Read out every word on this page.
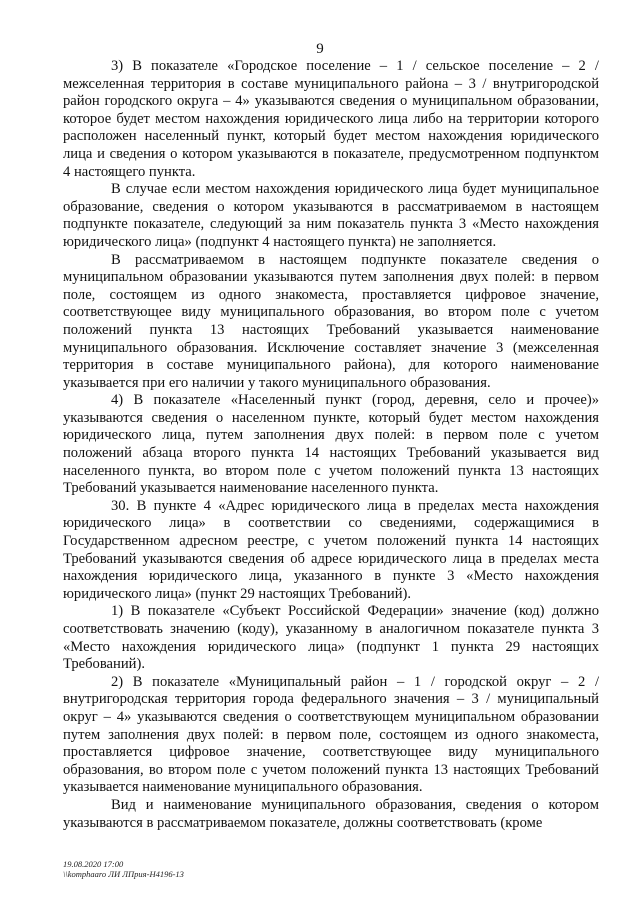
9

3) В показателе «Городское поселение – 1 / сельское поселение – 2 / межселенная территория в составе муниципального района – 3 / внутригородской район городского округа – 4» указываются сведения о муниципальном образовании, которое будет местом нахождения юридического лица либо на территории которого расположен населенный пункт, который будет местом нахождения юридического лица и сведения о котором указываются в показателе, предусмотренном подпунктом 4 настоящего пункта.

В случае если местом нахождения юридического лица будет муниципальное образование, сведения о котором указываются в рассматриваемом в настоящем подпункте показателе, следующий за ним показатель пункта 3 «Место нахождения юридического лица» (подпункт 4 настоящего пункта) не заполняется.

В рассматриваемом в настоящем подпункте показателе сведения о муниципальном образовании указываются путем заполнения двух полей: в первом поле, состоящем из одного знакоместа, проставляется цифровое значение, соответствующее виду муниципального образования, во втором поле с учетом положений пункта 13 настоящих Требований указывается наименование муниципального образования. Исключение составляет значение 3 (межселенная территория в составе муниципального района), для которого наименование указывается при его наличии у такого муниципального образования.

4) В показателе «Населенный пункт (город, деревня, село и прочее)» указываются сведения о населенном пункте, который будет местом нахождения юридического лица, путем заполнения двух полей: в первом поле с учетом положений абзаца второго пункта 14 настоящих Требований указывается вид населенного пункта, во втором поле с учетом положений пункта 13 настоящих Требований указывается наименование населенного пункта.

30. В пункте 4 «Адрес юридического лица в пределах места нахождения юридического лица» в соответствии со сведениями, содержащимися в Государственном адресном реестре, с учетом положений пункта 14 настоящих Требований указываются сведения об адресе юридического лица в пределах места нахождения юридического лица, указанного в пункте 3 «Место нахождения юридического лица» (пункт 29 настоящих Требований).

1) В показателе «Субъект Российской Федерации» значение (код) должно соответствовать значению (коду), указанному в аналогичном показателе пункта 3 «Место нахождения юридического лица» (подпункт 1 пункта 29 настоящих Требований).

2) В показателе «Муниципальный район – 1 / городской округ – 2 / внутригородская территория города федерального значения – 3 / муниципальный округ – 4» указываются сведения о соответствующем муниципальном образовании путем заполнения двух полей: в первом поле, состоящем из одного знакоместа, проставляется цифровое значение, соответствующее виду муниципального образования, во втором поле с учетом положений пункта 13 настоящих Требований указывается наименование муниципального образования.

Вид и наименование муниципального образования, сведения о котором указываются в рассматриваемом показателе, должны соответствовать (кроме

19.08.2020 17:00
\\komphaaro ЛИ ЛПрия-Н4196-13
